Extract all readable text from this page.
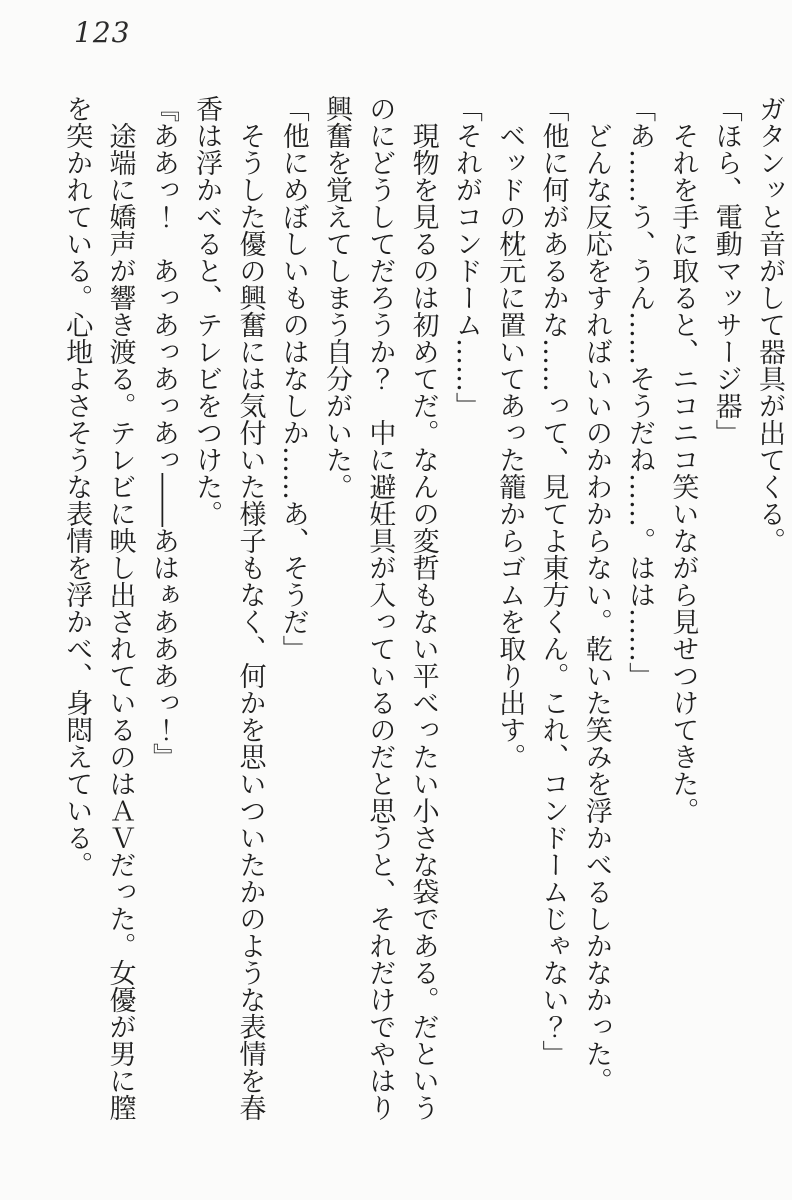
123

ガタンッと音がして器具が出てくる。

「ほら、電動マッサージ器」

　それを手に取ると、ニコニコ笑いながら見せつけてきた。

「あ……う、うん……そうだね……。はは……」

　どんな反応をすればいいのかわからない。乾いた笑みを浮かべるしかなかった。

「他に何があるかな……って、見てよ東方くん。これ、コンドームじゃない？」

　ベッドの枕元に置いてあった籠からゴムを取り出す。

「それがコンドーム……」

　現物を見るのは初めてだ。なんの変哲もない平べったい小さな袋である。だという

のにどうしてだろうか？　中に避妊具が入っているのだと思うと、それだけでやはり

興奮を覚えてしまう自分がいた。

「他にめぼしいものはなしか……あ、そうだ」

　そうした優の興奮には気付いた様子もなく、何かを思いついたかのような表情を春

香は浮かべると、テレビをつけた。

『ああっ！　あっあっあっあっ――あはぁあああっ！』

　途端に嬌声が響き渡る。テレビに映し出されているのはＡＶだった。女優が男に膣

を突かれている。心地よさそうな表情を浮かべ、身悶えている。
